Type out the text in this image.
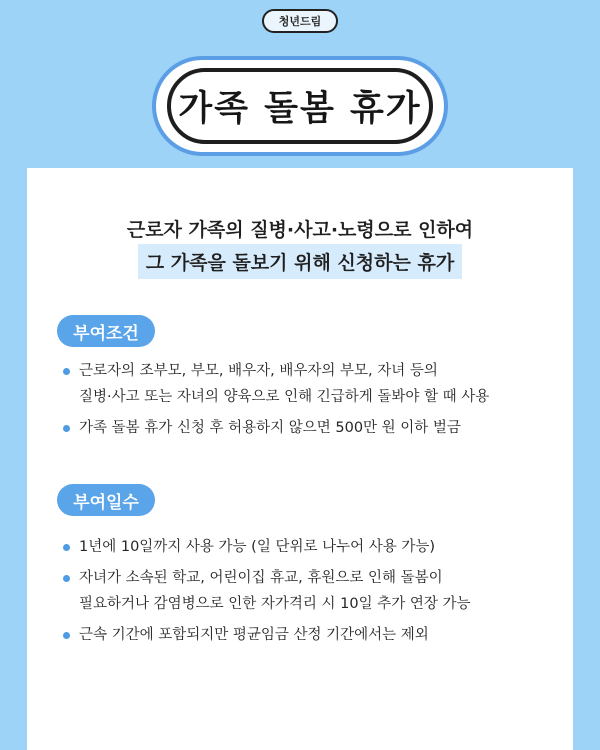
청년드림
가족 돌봄 휴가
근로자 가족의 질병·사고·노령으로 인하여
그 가족을 돌보기 위해 신청하는 휴가
부여조건
근로자의 조부모, 부모, 배우자, 배우자의 부모, 자녀 등의
질병·사고 또는 자녀의 양육으로 인해 긴급하게 돌봐야 할 때 사용
가족 돌봄 휴가 신청 후 허용하지 않으면 500만 원 이하 벌금
부여일수
1년에 10일까지 사용 가능 (일 단위로 나누어 사용 가능)
자녀가 소속된 학교, 어린이집 휴교, 휴원으로 인해 돌봄이
필요하거나 감염병으로 인한 자가격리 시 10일 추가 연장 가능
근속 기간에 포함되지만 평균임금 산정 기간에서는 제외
